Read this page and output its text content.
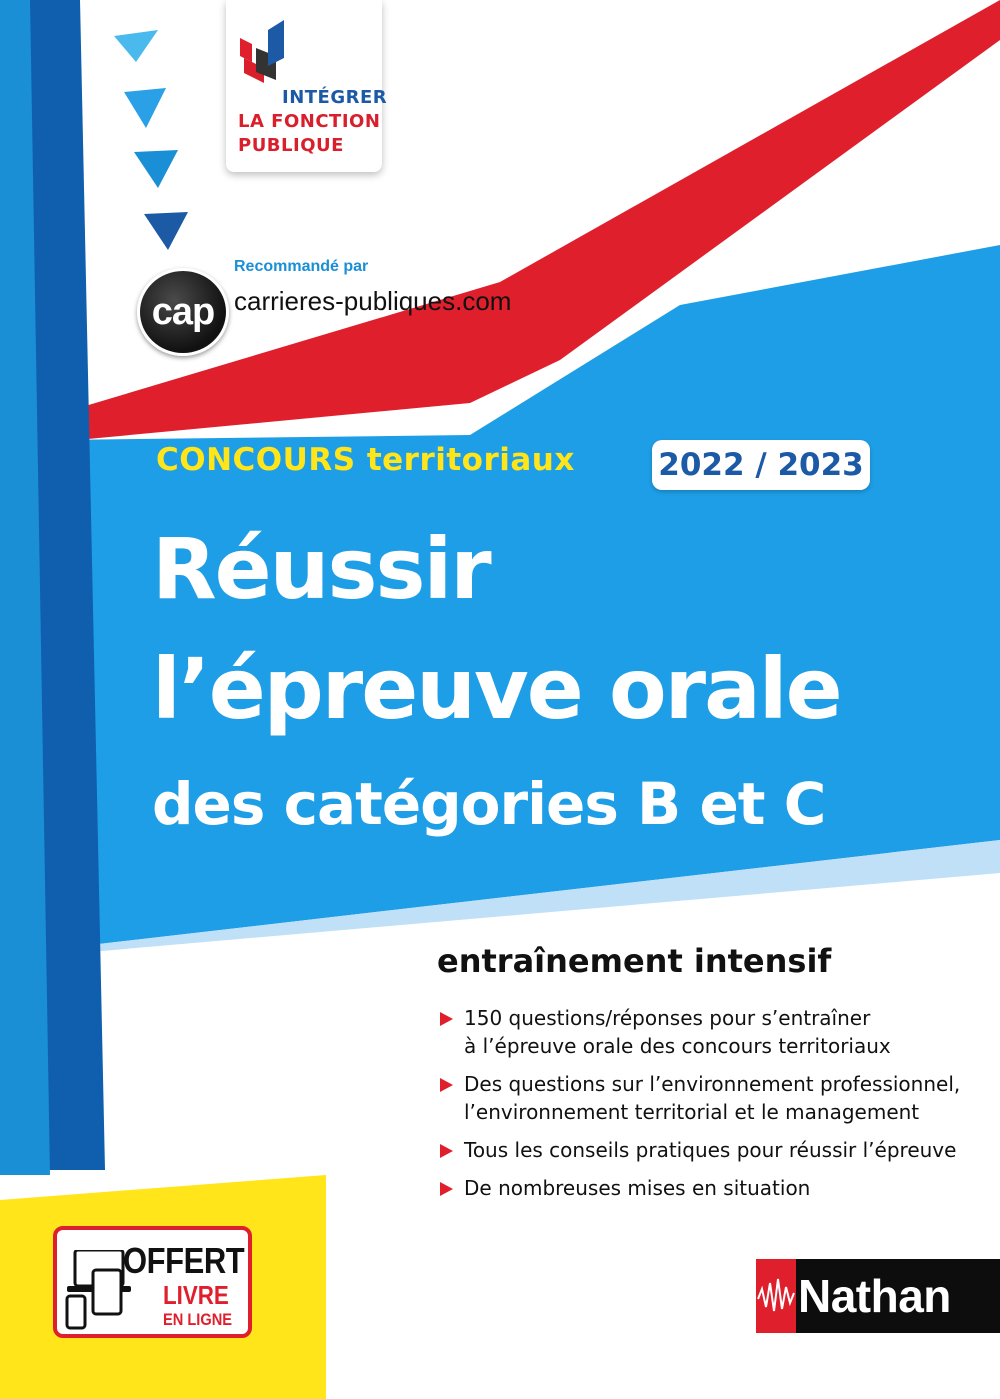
INTÉGRER
LA FONCTION
PUBLIQUE
Recommandé par
cap carrieres-publiques.com
CONCOURS territoriaux	2022 / 2023
Réussir
l’épreuve orale
des catégories B et C
entraînement intensif
150 questions/réponses pour s’entraîner
à l’épreuve orale des concours territoriaux
Des questions sur l’environnement professionnel,
l’environnement territorial et le management
Tous les conseils pratiques pour réussir l’épreuve
De nombreuses mises en situation
OFFERT
LIVRE
EN LIGNE	Nathan
